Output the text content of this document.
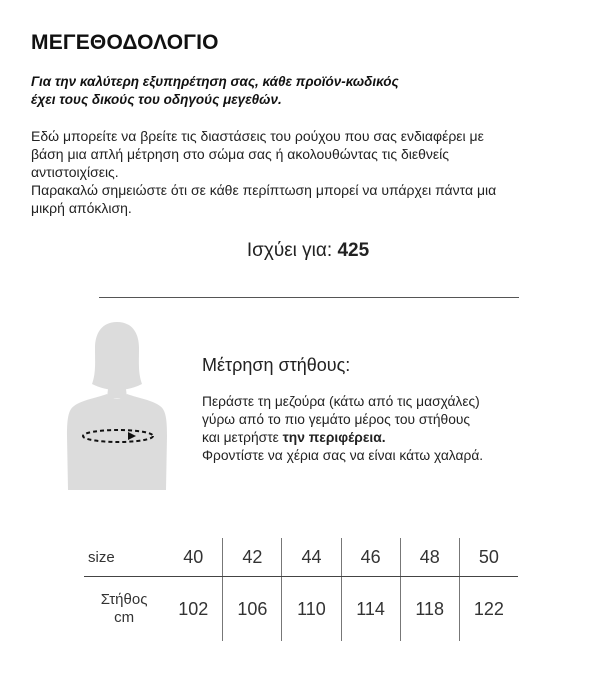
ΜΕΓΕΘΟΔΟΛΟΓΙΟ
Για την καλύτερη εξυπηρέτηση σας, κάθε προϊόν-κωδικός
έχει τους δικούς του οδηγούς μεγεθών.
Εδώ μπορείτε να βρείτε τις διαστάσεις του ρούχου που σας ενδιαφέρει με
βάση μια απλή μέτρηση στο σώμα σας ή ακολουθώντας τις διεθνείς
αντιστοιχίσεις.
Παρακαλώ σημειώστε ότι σε κάθε περίπτωση μπορεί να υπάρχει πάντα μια
μικρή απόκλιση.
Ισχύει για: 425
Μέτρηση στήθους:
Περάστε τη μεζούρα (κάτω από τις μασχάλες)
γύρω από το πιο γεμάτο μέρος του στήθους
και μετρήστε την περιφέρεια.
Φροντίστε να χέρια σας να είναι κάτω χαλαρά.
size	40	42	44	46	48	50

Στήθος
cm	102	106	110	114	118	122
